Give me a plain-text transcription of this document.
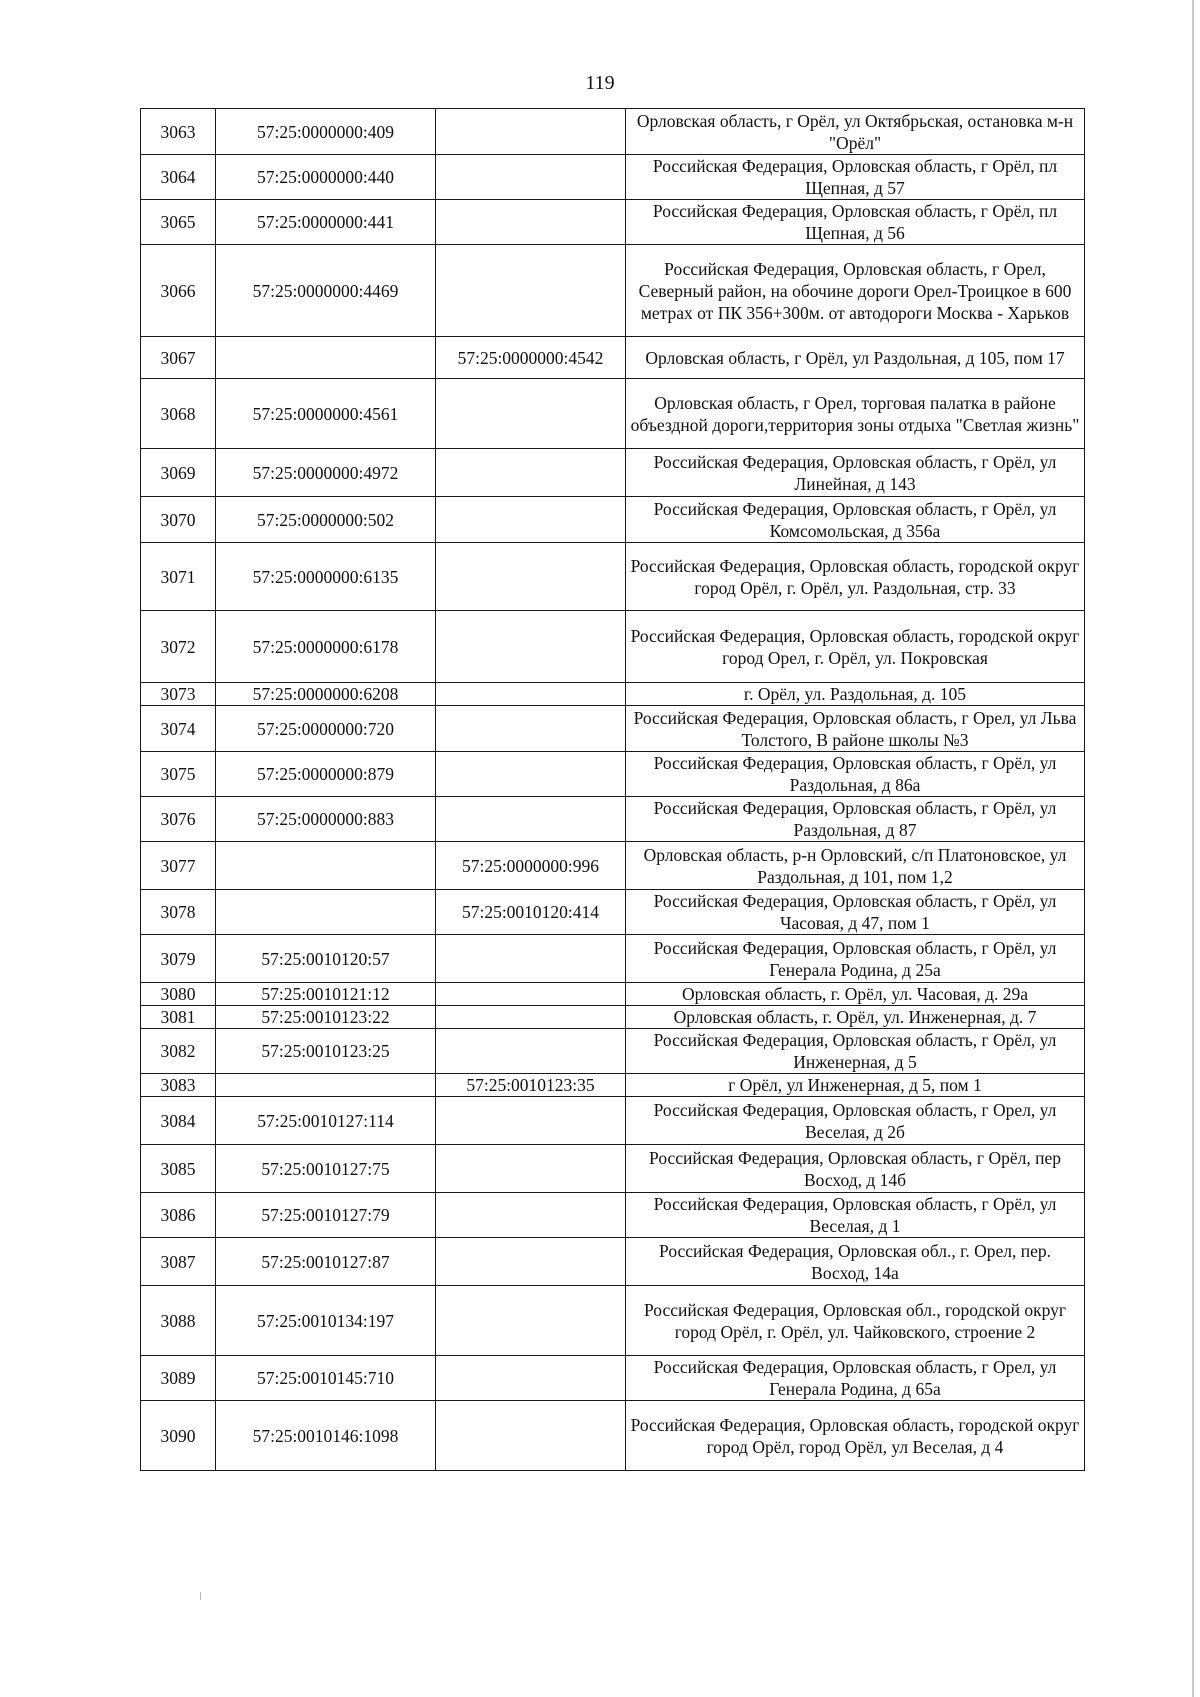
119
3063	57:25:0000000:409		Орловская область, г Орёл, ул Октябрьская, остановка м-н "Орёл"
3064	57:25:0000000:440		Российская Федерация, Орловская область, г Орёл, пл Щепная, д 57
3065	57:25:0000000:441		Российская Федерация, Орловская область, г Орёл, пл Щепная, д 56
3066	57:25:0000000:4469		Российская Федерация, Орловская область, г Орел, Северный район, на обочине дороги Орел-Троицкое в 600 метрах от ПК 356+300м. от автодороги Москва - Харьков
3067		57:25:0000000:4542	Орловская область, г Орёл, ул Раздольная, д 105, пом 17
3068	57:25:0000000:4561		Орловская область, г Орел, торговая палатка в районе объездной дороги,территория зоны отдыха "Светлая жизнь"
3069	57:25:0000000:4972		Российская Федерация, Орловская область, г Орёл, ул Линейная, д 143
3070	57:25:0000000:502		Российская Федерация, Орловская область, г Орёл, ул Комсомольская, д 356а
3071	57:25:0000000:6135		Российская Федерация, Орловская область, городской округ город Орёл, г. Орёл, ул. Раздольная, стр. 33
3072	57:25:0000000:6178		Российская Федерация, Орловская область, городской округ город Орел, г. Орёл, ул. Покровская
3073	57:25:0000000:6208		г. Орёл, ул. Раздольная, д. 105
3074	57:25:0000000:720		Российская Федерация, Орловская область, г Орел, ул Льва Толстого, В районе школы №3
3075	57:25:0000000:879		Российская Федерация, Орловская область, г Орёл, ул Раздольная, д 86а
3076	57:25:0000000:883		Российская Федерация, Орловская область, г Орёл, ул Раздольная, д 87
3077		57:25:0000000:996	Орловская область, р-н Орловский, с/п Платоновское, ул Раздольная, д 101, пом 1,2
3078		57:25:0010120:414	Российская Федерация, Орловская область, г Орёл, ул Часовая, д 47, пом 1
3079	57:25:0010120:57		Российская Федерация, Орловская область, г Орёл, ул Генерала Родина, д 25а
3080	57:25:0010121:12		Орловская область, г. Орёл, ул. Часовая, д. 29а
3081	57:25:0010123:22		Орловская область, г. Орёл, ул. Инженерная, д. 7
3082	57:25:0010123:25		Российская Федерация, Орловская область, г Орёл, ул Инженерная, д 5
3083		57:25:0010123:35	г Орёл, ул Инженерная, д 5, пом 1
3084	57:25:0010127:114		Российская Федерация, Орловская область, г Орел, ул Веселая, д 2б
3085	57:25:0010127:75		Российская Федерация, Орловская область, г Орёл, пер Восход, д 14б
3086	57:25:0010127:79		Российская Федерация, Орловская область, г Орёл, ул Веселая, д 1
3087	57:25:0010127:87		Российская Федерация, Орловская обл., г. Орел, пер. Восход, 14а
3088	57:25:0010134:197		Российская Федерация, Орловская обл., городской округ город Орёл, г. Орёл, ул. Чайковского, строение 2
3089	57:25:0010145:710		Российская Федерация, Орловская область, г Орел, ул Генерала Родина, д 65а
3090	57:25:0010146:1098		Российская Федерация, Орловская область, городской округ город Орёл, город Орёл, ул Веселая, д 4
